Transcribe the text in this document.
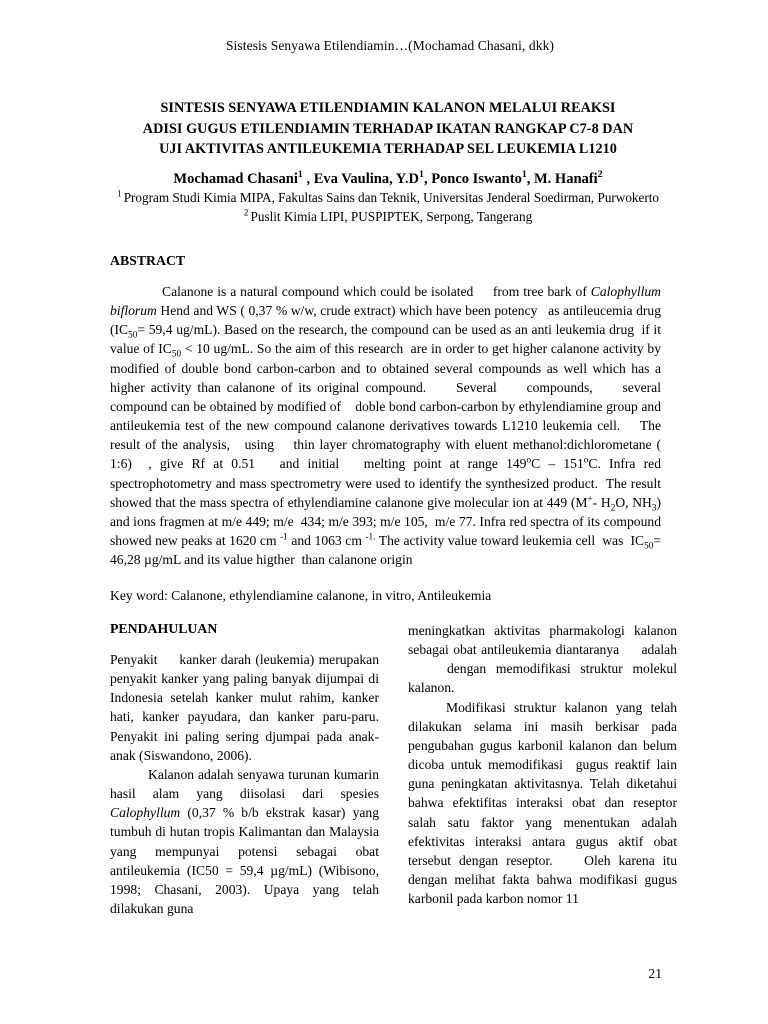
Sistesis Senyawa Etilendiamin…(Mochamad Chasani, dkk)
SINTESIS SENYAWA ETILENDIAMIN KALANON MELALUI REAKSI
ADISI GUGUS ETILENDIAMIN TERHADAP IKATAN RANGKAP C7-8 DAN
UJI AKTIVITAS ANTILEUKEMIA TERHADAP SEL LEUKEMIA L1210
Mochamad Chasani$^1$ , Eva Vaulina, $Y.D^1$, Ponco Iswanto$^1$, M. Hanafi$^2$
$^1$ Program Studi Kimia MIPA, Fakultas Sains dan Teknik, Universitas Jenderal Soedirman, Purwokerto
$^2$ Puslit Kimia LIPI, PUSPIPTEK, Serpong, Tangerang
ABSTRACT
Calanone is a natural compound which could be isolated     from tree bark of Calophyllum biflorum Hend and WS ( 0,37 % w/w, crude extract) which have been potency   as antileucemia drug ($IC_{50}= 59,4$ ug/mL). Based on the research, the compound can be used as an anti leukemia drug  if it value of $IC_{50} < 10$ ug/mL. So the aim of this research  are in order to get higher calanone activity by modified of double bond carbon-carbon and to obtained several compounds as well which has a higher activity than calanone of its original compound.     Several     compounds,     several compound can be obtained by modified of    doble bond carbon-carbon by ethylendiamine group and antileukemia test of the new compound calanone derivatives towards L1210 leukemia cell.    The result of the analysis,   using    thin layer chromatography with eluent methanol:dichlorometane ( 1:6)  , give Rf at 0.51   and initial   melting point at range 149$^o$C – 151$^o$C. Infra red spectrophotometry and mass spectrometry were used to identify the synthesized product.  The result showed that the mass spectra of ethylendiamine calanone give molecular ion at 449 (M+- $H_2O$, $NH_3$) and ions fragmen at m/e 449; m/e  434; m/e 393; m/e 105,  m/e 77. Infra red spectra of its compound showed new peaks at 1620 cm $^{-1}$ and 1063 cm $^{-1.}$ The activity value toward leukemia cell  was  $IC_{50}= 46,28$ µg/mL and its value higther  than calanone origin
Key word: Calanone, ethylendiamine calanone, in vitro, Antileukemia
PENDAHULUAN

Penyakit     kanker darah (leukemia) merupakan penyakit kanker yang paling banyak dijumpai di Indonesia setelah kanker mulut rahim, kanker hati, kanker payudara, dan kanker paru-paru. Penyakit ini paling sering djumpai pada anak-anak (Siswandono, 2006).

Kalanon adalah senyawa turunan kumarin hasil alam yang diisolasi dari spesies Calophyllum (0,37 % b/b ekstrak kasar) yang tumbuh di hutan tropis Kalimantan dan Malaysia yang mempunyai potensi sebagai obat antileukemia (IC50 = 59,4 µg/mL) (Wibisono, 1998; Chasani, 2003). Upaya yang telah dilakukan guna

meningkatkan aktivitas pharmakologi kalanon sebagai obat antileukemia diantaranya     adalah     dengan memodifikasi struktur molekul kalanon.

Modifikasi struktur kalanon yang telah dilakukan selama ini masih berkisar pada pengubahan gugus karbonil kalanon dan belum dicoba untuk memodifikasi  gugus reaktif lain guna peningkatan aktivitasnya. Telah diketahui bahwa efektifitas interaksi obat dan reseptor salah satu faktor yang menentukan adalah efektivitas interaksi antara gugus aktif obat tersebut dengan reseptor.    Oleh karena itu dengan melihat fakta bahwa modifikasi gugus karbonil pada karbon nomor 11

21
